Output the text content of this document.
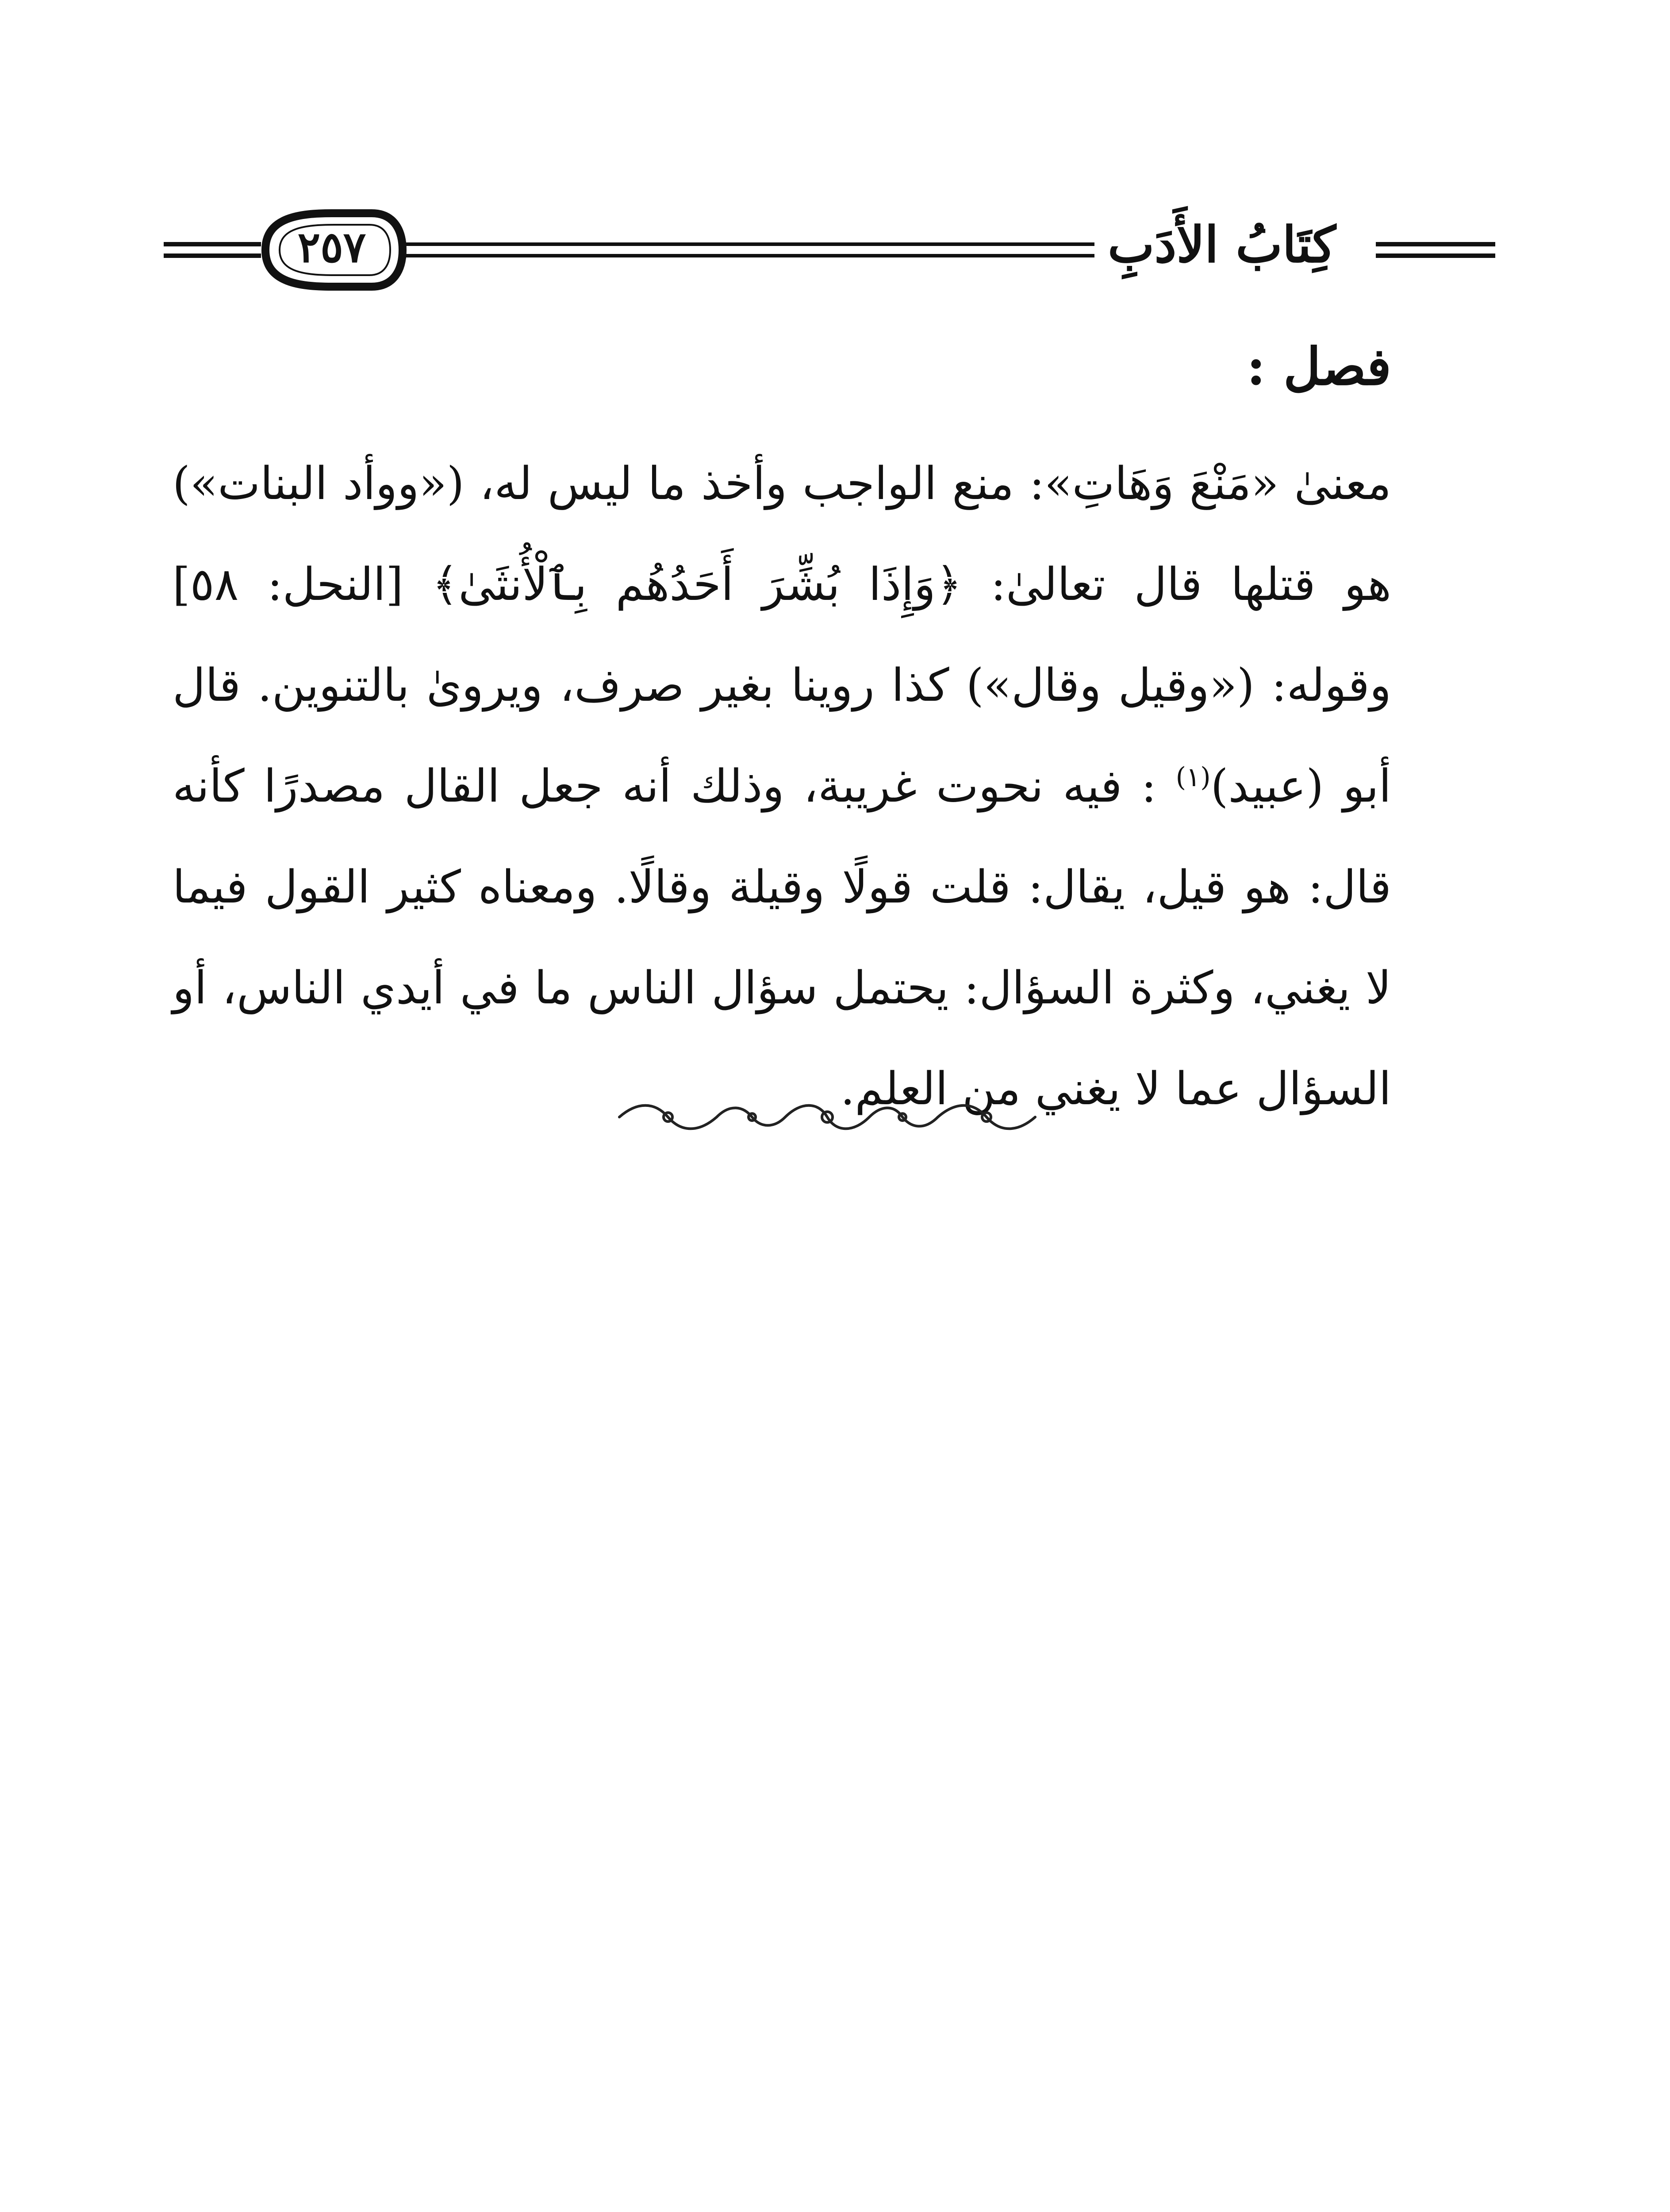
كِتَابُ الأَدَبِ
٢٥٧
فصل :

معنىٰ «مَنْعَ وَهَاتِ»: منع الواجب وأخذ ما ليس له، («ووأد البنات») هو قتلها قال تعالىٰ: ﴿وَإِذَا بُشِّرَ أَحَدُهُم بِٱلْأُنثَىٰ﴾ [النحل: ٥٨] وقوله: («وقيل وقال») كذا روينا بغير صرف، ويروىٰ بالتنوين. قال أبو (عبيد)$^{(١)}$ : فيه نحوت غريبة، وذلك أنه جعل القال مصدرًا كأنه قال: هو قيل، يقال: قلت قولًا وقيلة وقالًا. ومعناه كثير القول فيما لا يغني، وكثرة السؤال: يحتمل سؤال الناس ما في أيدي الناس، أو السؤال عما لا يغني من العلم.
